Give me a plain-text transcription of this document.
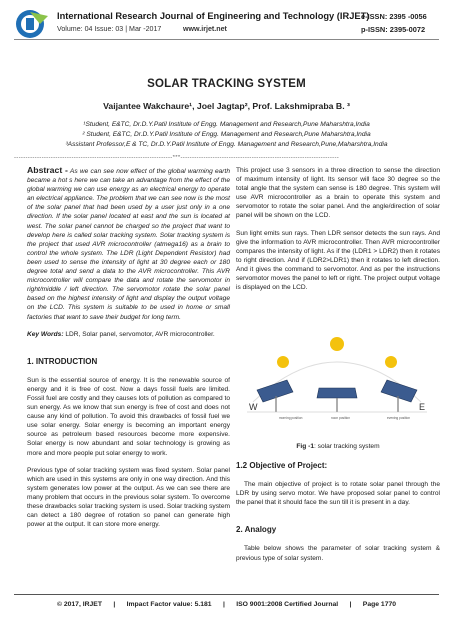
International Research Journal of Engineering and Technology (IRJET)
Volume: 04 Issue: 03 | Mar -2017	www.irjet.net
e-ISSN: 2395 -0056
p-ISSN: 2395-0072
SOLAR TRACKING SYSTEM
Vaijantee Wakchaure¹, Joel Jagtap², Prof. Lakshmipraba B. ³
¹Student, E&TC, Dr.D.Y.Patil Institute of Engg. Management and Research,Pune Maharshtra,India
² Student, E&TC, Dr.D.Y.Patil Institute of Engg. Management and Research,Pune Maharshtra,India
³Assistant Professor,E & TC, Dr.D.Y.Patil Institute of Engg. Management and Research,Pune,Maharshtra,India
---------------------------------------------------------------------***---------------------------------------------------------------------

Abstract - As we can see now effect of the global warming earth became a hot s here we can take an advantage from the effect of the global warming we can use energy as an electrical energy to operate an electrical appliance. The problem that we can see now is the most of the solar panel that had been used by a user just only in a one direction. If the solar panel located at east and the sun is located at west. The solar panel cannot be charged so the project that want to develop here is called solar tracking system. Solar tracking system is the project that used AVR microcontroller (atmega16) as a brain to control the whole system. The LDR (Light Dependent Resistor) had been used to sense the intensity of light at 30 degree each or 180 degree total and send a data to the AVR microcontroller. This AVR microcontroller will compare the data and rotate the servomotor in right/middle / left direction. The servomotor rotate the solar panel based on the highest intensity of light and display the output voltage on the LCD. This system is suitable to be used in home or small factories that want to save their budget for long term.

Key Words: LDR, Solar panel, servomotor, AVR microcontroller.

1. INTRODUCTION

Sun is the essential source of energy. It is the renewable source of energy and it is free of cost. Now a days fossil fuels are limited. Fossil fuel are costly and they causes lots of pollution as compared to sun energy. As we know that sun energy is free of cost and does not cause any kind of pollution. To avoid this drawbacks of fossil fuel we use solar energy. Solar energy is becoming an important energy source as petroleum based resources become more expensive. Solar energy is now abundant and solar technology is growing as more and more people put solar energy to work.

Previous type of solar tracking system was fixed system. Solar panel which are used in this systems are only in one way direction. And this system generates low power at the output. As we can see there are many problem that occurs in the previous solar system. To overcome these drawbacks solar tracking system is used. Solar tracking system can detect a 180 degree of rotation so panel can generate high power at the output. It can store more energy.

This project use 3 sensors in a three direction to sense the direction of maximum intensity of light. Its sensor will face 30 degree so the total angle that the system can sense is 180 degree. This system will use AVR microcontroller as a brain to operate this system and servomotor to rotate the solar panel. And the angle/direction of solar panel will be shown on the LCD.

Sun light emits sun rays. Then LDR sensor detects the sun rays. And give the information to AVR microcontroller. Then AVR microcontroller compares the intensity of light. As if the (LDR1 > LDR2) then it rotates to right direction. And if (LDR2>LDR1) then it rotates to left direction. And it gives the command to servomotor. And as per the instructions servomotor moves the panel to left or right. The project output voltage is displayed on the LCD.

W	E
morning position	noon position	evening position
Fig -1: solar tracking system
1.2 Objective of Project:

The main objective of project is to rotate solar panel through the LDR by using servo motor. We have proposed solar panel to control the panel that it should face the sun till it is present in a day.

2. Analogy

Table below shows the parameter of solar tracking system & previous type of solar system.

© 2017, IRJET | Impact Factor value: 5.181 | ISO 9001:2008 Certified Journal | Page 1770
